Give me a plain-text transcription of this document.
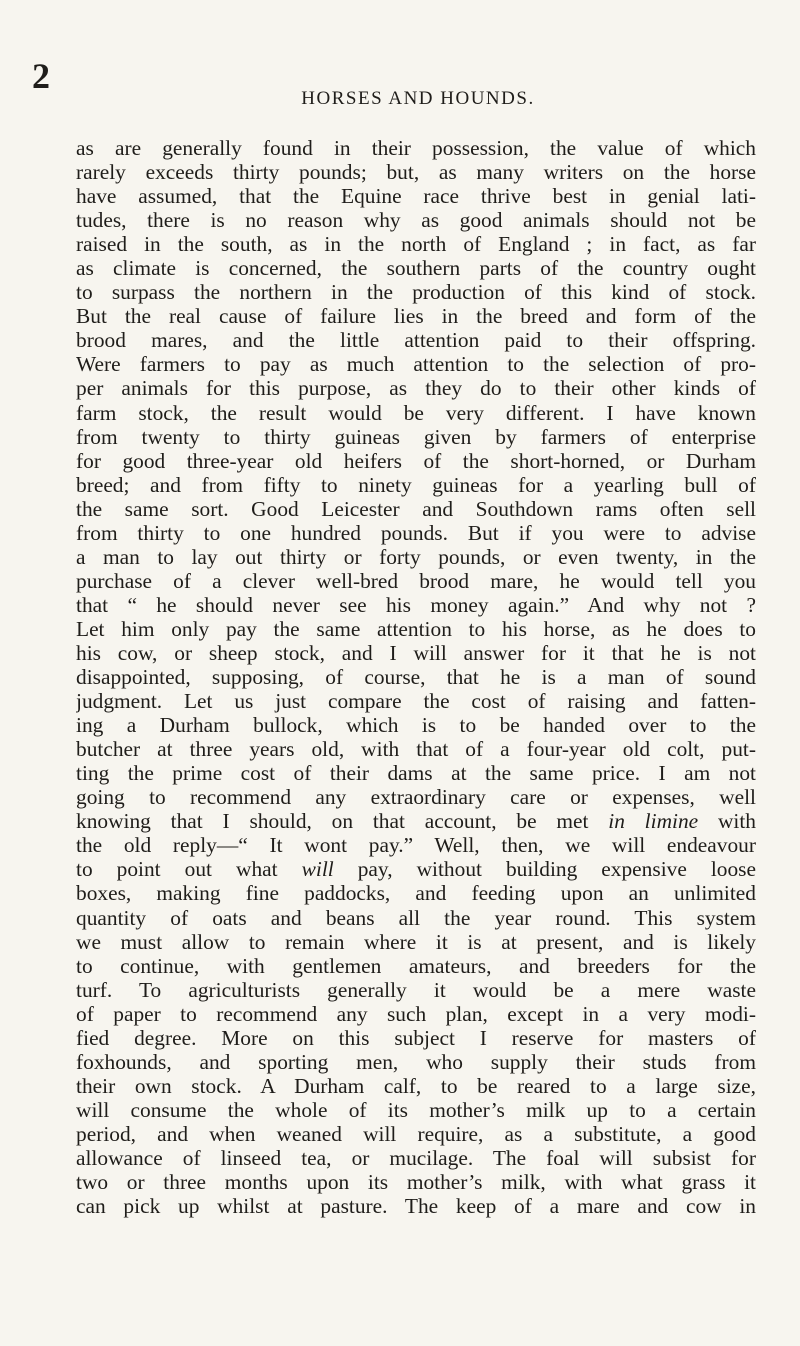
2
HORSES AND HOUNDS.
as are generally found in their possession, the value of which
rarely exceeds thirty pounds; but, as many writers on the horse
have assumed, that the Equine race thrive best in genial lati-
tudes, there is no reason why as good animals should not be
raised in the south, as in the north of England ; in fact, as far
as climate is concerned, the southern parts of the country ought
to surpass the northern in the production of this kind of stock.
But the real cause of failure lies in the breed and form of the
brood mares, and the little attention paid to their offspring.
Were farmers to pay as much attention to the selection of pro-
per animals for this purpose, as they do to their other kinds of
farm stock, the result would be very different. I have known
from twenty to thirty guineas given by farmers of enterprise
for good three-year old heifers of the short-horned, or Durham
breed; and from fifty to ninety guineas for a yearling bull of
the same sort. Good Leicester and Southdown rams often sell
from thirty to one hundred pounds. But if you were to advise
a man to lay out thirty or forty pounds, or even twenty, in the
purchase of a clever well-bred brood mare, he would tell you
that “ he should never see his money again.” And why not ?
Let him only pay the same attention to his horse, as he does to
his cow, or sheep stock, and I will answer for it that he is not
disappointed, supposing, of course, that he is a man of sound
judgment. Let us just compare the cost of raising and fatten-
ing a Durham bullock, which is to be handed over to the
butcher at three years old, with that of a four-year old colt, put-
ting the prime cost of their dams at the same price. I am not
going to recommend any extraordinary care or expenses, well
knowing that I should, on that account, be met in limine with
the old reply—“ It wont pay.” Well, then, we will endeavour
to point out what will pay, without building expensive loose
boxes, making fine paddocks, and feeding upon an unlimited
quantity of oats and beans all the year round. This system
we must allow to remain where it is at present, and is likely
to continue, with gentlemen amateurs, and breeders for the
turf. To agriculturists generally it would be a mere waste
of paper to recommend any such plan, except in a very modi-
fied degree. More on this subject I reserve for masters of
foxhounds, and sporting men, who supply their studs from
their own stock. A Durham calf, to be reared to a large size,
will consume the whole of its mother’s milk up to a certain
period, and when weaned will require, as a substitute, a good
allowance of linseed tea, or mucilage. The foal will subsist for
two or three months upon its mother’s milk, with what grass it
can pick up whilst at pasture. The keep of a mare and cow in
